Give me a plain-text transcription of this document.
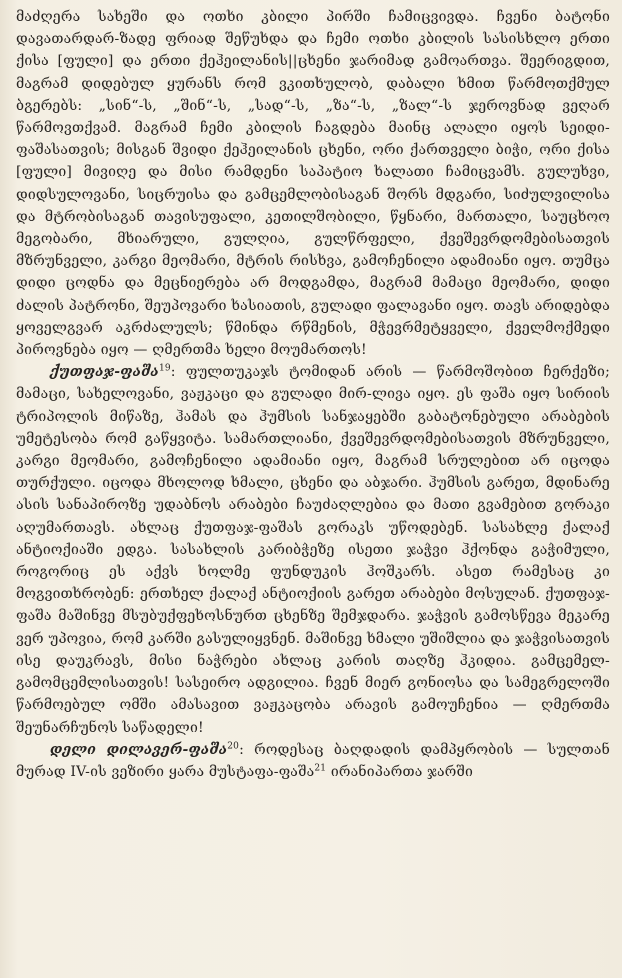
მაძღერა სახეში და ოთხი კბილი პირში ჩამიცვივდა. ჩვენი ბატონი დავათარდარ-ზადე ფრიად შეწუხდა და ჩემი ოთხი კბილის სასისხლო ერთი ქისა [ფული] და ერთი ქეჰეილანის||ცხენი ჯარიმად გამოართვა. შეერიგდით, მაგრამ დიდებულ ყურანს რომ ვკითხულობ, დაბალი ხმით წარმოთქმულ ბგერებს: „სინ“-ს, „შინ“-ს, „სად“-ს, „ზა“-ს, „ზალ“-ს ჯეროვნად ვეღარ წარმოვთქვამ. მაგრამ ჩემი კბილის ჩაგდება მაინც ალალი იყოს სეიდი-ფაშასათვის; მისგან შვიდი ქეჰეილანის ცხენი, ორი ქართველი ბიჭი, ორი ქისა [ფული] მივიღე და მისი რამდენი საპატიო ხალათი ჩამიცვამს. გულუხვი, დიდსულოვანი, სიცრუისა და გამცემლობისაგან შორს მდგარი, სიძულვილისა და მტრობისაგან თავისუფალი, კეთილშობილი, წყნარი, მართალი, საუცხოო მეგობარი, მხიარული, გულღია, გულწრფელი, ქვეშევრდომებისათვის მზრუნველი, კარგი მეომარი, მტრის რისხვა, გამოჩენილი ადამიანი იყო. თუმცა დიდი ცოდნა და მეცნიერება არ მოდგამდა, მაგრამ მამაცი მეომარი, დიდი ძალის პატრონი, შეუპოვარი ხასიათის, გულადი ფალავანი იყო. თავს არიდებდა ყოველგვარ აკრძალულს; წმინდა რწმენის, მჭევრმეტყველი, ქველმოქმედი პიროვნება იყო — ღმერთმა ხელი მოუმართოს!

ქუთფაჯ-ფაშა$^{19}$: ფულთუკაჯს ტომიდან არის — წარმოშობით ჩერქეზი; მამაცი, სახელოვანი, ვაჟკაცი და გულადი მირ-ლივა იყო. ეს ფაშა იყო სირიის ტრიპოლის მიწაზე, ჰამას და ჰუმსის სანჯაყებში გაბატონებული არაბების უმეტესობა რომ გაწყვიტა. სამართლიანი, ქვეშევრდომებისათვის მზრუნველი, კარგი მეომარი, გამოჩენილი ადამიანი იყო, მაგრამ სრულებით არ იცოდა თურქული. იცოდა მხოლოდ ხმალი, ცხენი და აბჯარი. ჰუმსის გარეთ, მდინარე ასის სანაპიროზე უდაბნოს არაბები ჩაუძაღლებია და მათი გვამებით გორაკი აღუმართავს. ახლაც ქუთფაჯ-ფაშას გორაკს უწოდებენ. სასახლე ქალაქ ანტიოქიაში ედგა. სასახლის კარიბჭეზე ისეთი ჯაჭვი ჰქონდა გაჭიმული, როგორიც ეს აქვს ხოლმე ფუნდუკის ჰოშკარს. ასეთ რამესაც კი მოგვითხრობენ: ერთხელ ქალაქ ანტიოქიის გარეთ არაბები მოსულან. ქუთფაჯ-ფაშა მაშინვე მსუბუქფეხოსნურთ ცხენზე შემჯდარა. ჯაჭვის გამოსწევა მეკარე ვერ უპოვია, რომ კარში გასულიყვნენ. მაშინვე ხმალი უშიშლია და ჯაჭვისათვის ისე დაუკრავს, მისი ნაჭრები ახლაც კარის თაღზე ჰკიდია. გამცემელ-გამომცემლისათვის! სასეირო ადგილია. ჩვენ მიერ გონიოსა და სამეგრელოში წარმოებულ ომში ამასავით ვაჟკაცობა არავის გამოუჩენია — ღმერთმა შეუნარჩუნოს საწადელი!

დელი დილავერ-ფაშა$^{20}$: როდესაც ბაღდადის დამპყრობის — სულთან მურად IV-ის ვეზირი ყარა მუსტაფა-ფაშა$^{21}$ ირანიპართა ჯარში
